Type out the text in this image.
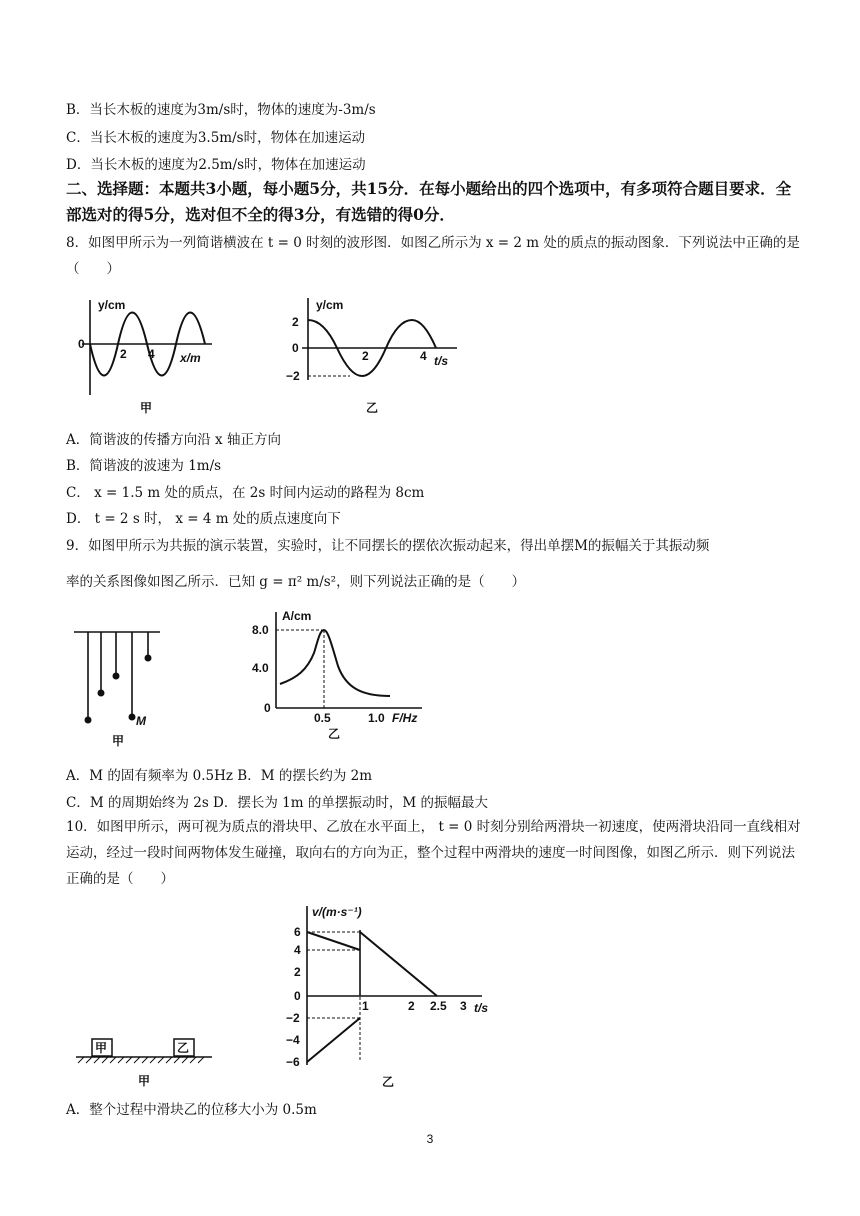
B．当长木板的速度为3m/s时，物体的速度为-3m/s
C．当长木板的速度为3.5m/s时，物体在加速运动
D．当长木板的速度为2.5m/s时，物体在加速运动
二、选择题：本题共3小题，每小题5分，共15分．在每小题给出的四个选项中，有多项符合题目要求．全部选对的得5分，选对但不全的得3分，有选错的得0分．
8．如图甲所示为一列简谐横波在 t = 0 时刻的波形图．如图乙所示为 x = 2 m 处的质点的振动图象．下列说法中正确的是（　　）
y/cm
0
2 4 x/m
甲
y/cm
2
0
−2
2	4 t/s
乙
A．简谐波的传播方向沿 x 轴正方向
B．简谐波的波速为 1m/s
C． x = 1.5 m 处的质点，在 2s 时间内运动的路程为 8cm
D． t = 2 s 时， x = 4 m 处的质点速度向下
9．如图甲所示为共振的演示装置，实验时，让不同摆长的摆依次振动起来，得出单摆M的振幅关于其振动频
率的关系图像如图乙所示．已知 g = π² m/s²，则下列说法正确的是（　　）
M
甲
A/cm
8.0
4.0
0
0.5	1.0 F/Hz
乙
A．M 的固有频率为 0.5Hz B．M 的摆长约为 2m
C．M 的周期始终为 2s D．摆长为 1m 的单摆振动时，M 的振幅最大
10．如图甲所示，两可视为质点的滑块甲、乙放在水平面上， t = 0 时刻分别给两滑块一初速度，使两滑块沿同一直线相对运动，经过一段时间两物体发生碰撞，取向右的方向为正，整个过程中两滑块的速度一时间图像，如图乙所示．则下列说法正确的是（　　）
甲	乙
甲
v/(m·s⁻¹)
6
4
2
0
−2
−4
−6
1	2 2.5 3 t/s
乙
A．整个过程中滑块乙的位移大小为 0.5m
3
